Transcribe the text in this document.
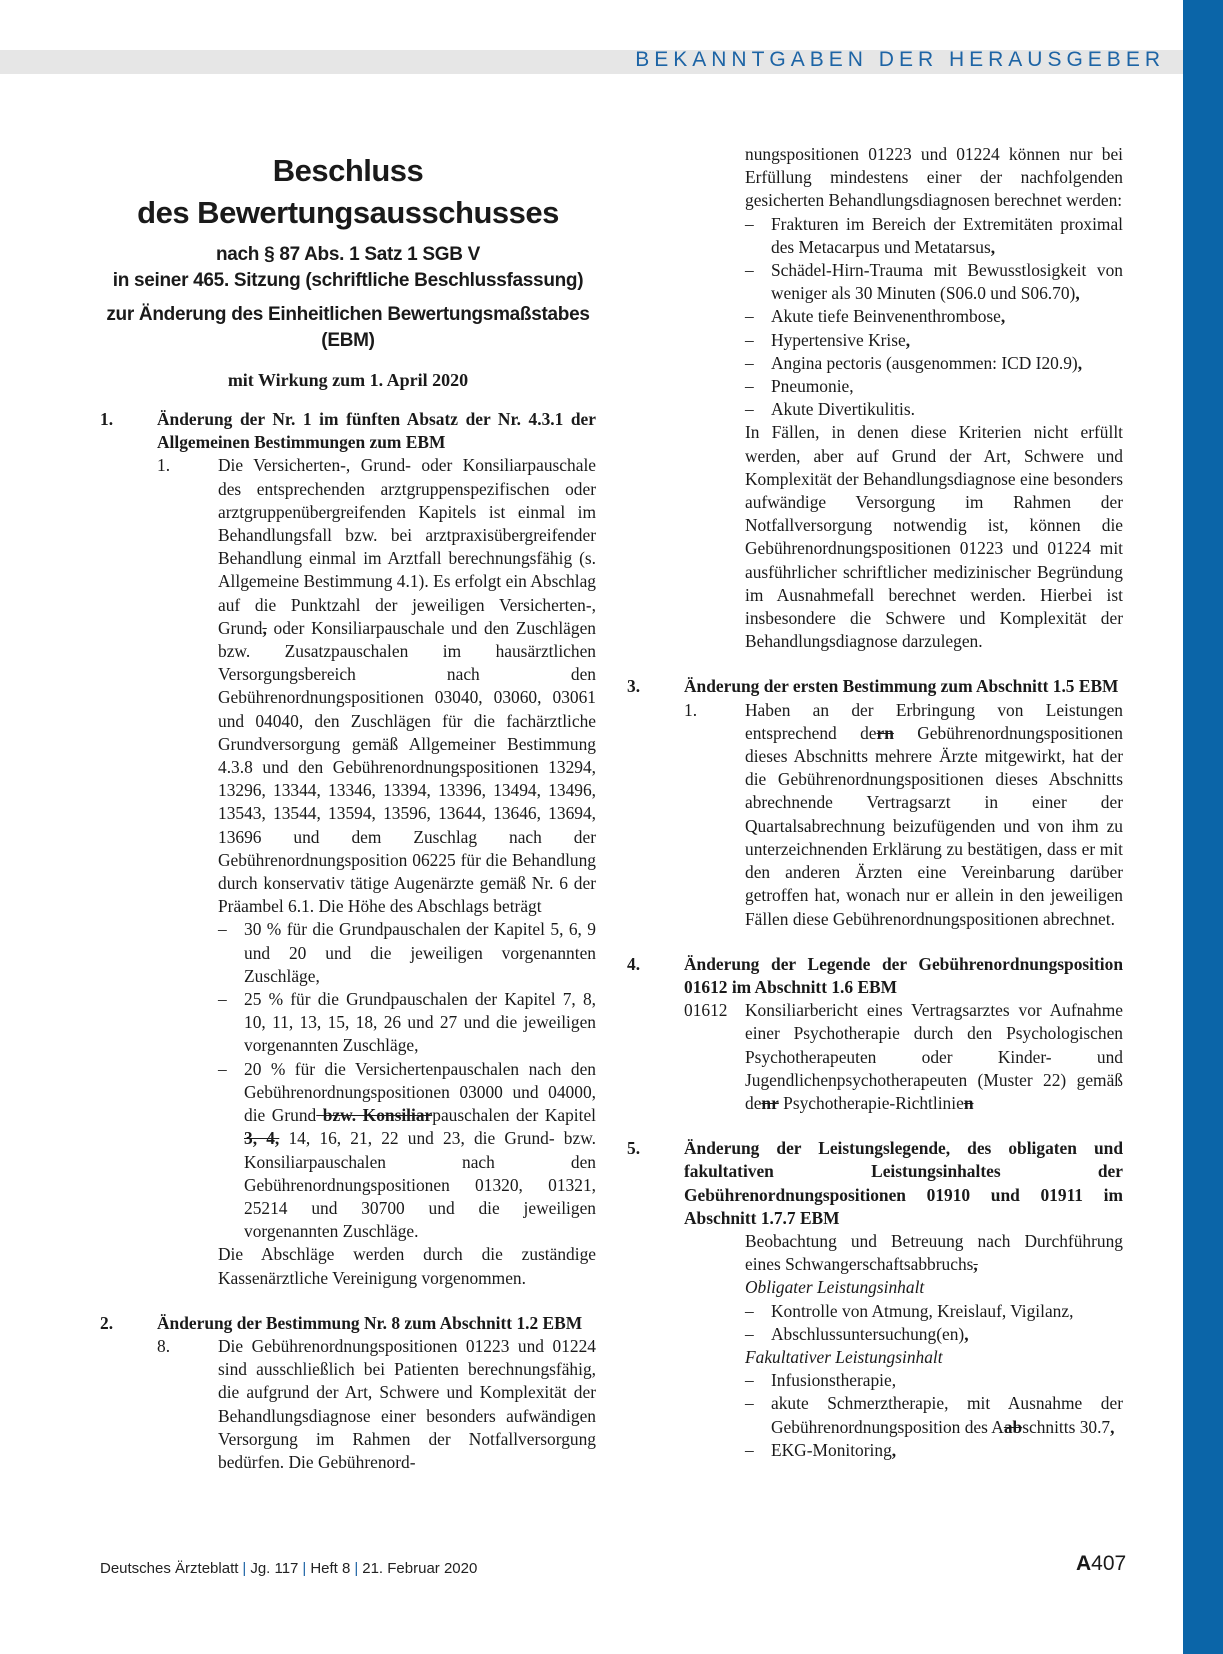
BEKANNTGABEN DER HERAUSGEBER
Beschluss
des Bewertungsausschusses
nach § 87 Abs. 1 Satz 1 SGB V
in seiner 465. Sitzung (schriftliche Beschlussfassung)
zur Änderung des Einheitlichen Bewertungsmaßstabes (EBM)
mit Wirkung zum 1. April 2020
1.	Änderung der Nr. 1 im fünften Absatz der Nr. 4.3.1 der Allgemeinen Bestimmungen zum EBM
1.	Die Versicherten-, Grund- oder Konsiliarpauschale des entsprechenden arztgruppenspezifischen oder arztgruppenübergreifenden Kapitels ist einmal im Behandlungsfall bzw. bei arztpraxisübergreifender Behandlung einmal im Arztfall berechnungsfähig (s. Allgemeine Bestimmung 4.1). Es erfolgt ein Abschlag auf die Punktzahl der jeweiligen Versicherten-, Grund, oder Konsiliarpauschale und den Zuschlägen bzw. Zusatzpauschalen im hausärztlichen Versorgungsbereich nach den Gebührenordnungspositionen 03040, 03060, 03061 und 04040, den Zuschlägen für die fachärztliche Grundversorgung gemäß Allgemeiner Bestimmung 4.3.8 und den Gebührenordnungspositionen 13294, 13296, 13344, 13346, 13394, 13396, 13494, 13496, 13543, 13544, 13594, 13596, 13644, 13646, 13694, 13696 und dem Zuschlag nach der Gebührenordnungsposition 06225 für die Behandlung durch konservativ tätige Augenärzte gemäß Nr. 6 der Präambel 6.1. Die Höhe des Abschlags beträgt
– 30 % für die Grundpauschalen der Kapitel 5, 6, 9 und 20 und die jeweiligen vorgenannten Zuschläge,
– 25 % für die Grundpauschalen der Kapitel 7, 8, 10, 11, 13, 15, 18, 26 und 27 und die jeweiligen vorgenannten Zuschläge,
– 20 % für die Versichertenpauschalen nach den Gebührenordnungspositionen 03000 und 04000, die Grund bzw. Konsiliarpauschalen der Kapitel 3, 4, 14, 16, 21, 22 und 23, die Grund- bzw. Konsiliarpauschalen nach den Gebührenordnungspositionen 01320, 01321, 25214 und 30700 und die jeweiligen vorgenannten Zuschläge.
Die Abschläge werden durch die zuständige Kassenärztliche Vereinigung vorgenommen.
2.	Änderung der Bestimmung Nr. 8 zum Abschnitt 1.2 EBM
8.	Die Gebührenordnungspositionen 01223 und 01224 sind ausschließlich bei Patienten berechnungsfähig, die aufgrund der Art, Schwere und Komplexität der Behandlungsdiagnose einer besonders aufwändigen Versorgung im Rahmen der Notfallversorgung bedürfen. Die Gebührenord-
nungspositionen 01223 und 01224 können nur bei Erfüllung mindestens einer der nachfolgenden gesicherten Behandlungsdiagnosen berechnet werden:
– Frakturen im Bereich der Extremitäten proximal des Metacarpus und Metatarsus,
– Schädel-Hirn-Trauma mit Bewusstlosigkeit von weniger als 30 Minuten (S06.0 und S06.70),
– Akute tiefe Beinvenenthrombose,
– Hypertensive Krise,
– Angina pectoris (ausgenommen: ICD I20.9),
– Pneumonie,
– Akute Divertikulitis.
In Fällen, in denen diese Kriterien nicht erfüllt werden, aber auf Grund der Art, Schwere und Komplexität der Behandlungsdiagnose eine besonders aufwändige Versorgung im Rahmen der Notfallversorgung notwendig ist, können die Gebührenordnungspositionen 01223 und 01224 mit ausführlicher schriftlicher medizinischer Begründung im Ausnahmefall berechnet werden. Hierbei ist insbesondere die Schwere und Komplexität der Behandlungsdiagnose darzulegen.
3.	Änderung der ersten Bestimmung zum Abschnitt 1.5 EBM
1.	Haben an der Erbringung von Leistungen entsprechend dern Gebührenordnungspositionen dieses Abschnitts mehrere Ärzte mitgewirkt, hat der die Gebührenordnungspositionen dieses Abschnitts abrechnende Vertragsarzt in einer der Quartalsabrechnung beizufügenden und von ihm zu unterzeichnenden Erklärung zu bestätigen, dass er mit den anderen Ärzten eine Vereinbarung darüber getroffen hat, wonach nur er allein in den jeweiligen Fällen diese Gebührenordnungspositionen abrechnet.
4.	Änderung der Legende der Gebührenordnungsposition 01612 im Abschnitt 1.6 EBM
01612	Konsiliarbericht eines Vertragsarztes vor Aufnahme einer Psychotherapie durch den Psychologischen Psychotherapeuten oder Kinder- und Jugendlichenpsychotherapeuten (Muster 22) gemäß denr Psychotherapie-Richtlinien
5.	Änderung der Leistungslegende, des obligaten und fakultativen Leistungsinhaltes der Gebührenordnungspositionen 01910 und 01911 im Abschnitt 1.7.7 EBM
Beobachtung und Betreuung nach Durchführung eines Schwangerschaftsabbruchs,
Obligater Leistungsinhalt
– Kontrolle von Atmung, Kreislauf, Vigilanz,
– Abschlussuntersuchung(en),
Fakultativer Leistungsinhalt
– Infusionstherapie,
– akute Schmerztherapie, mit Ausnahme der Gebührenordnungsposition des Aabschnitts 30.7,
– EKG-Monitoring,
Deutsches Ärzteblatt | Jg. 117 | Heft 8 | 21. Februar 2020	A407
